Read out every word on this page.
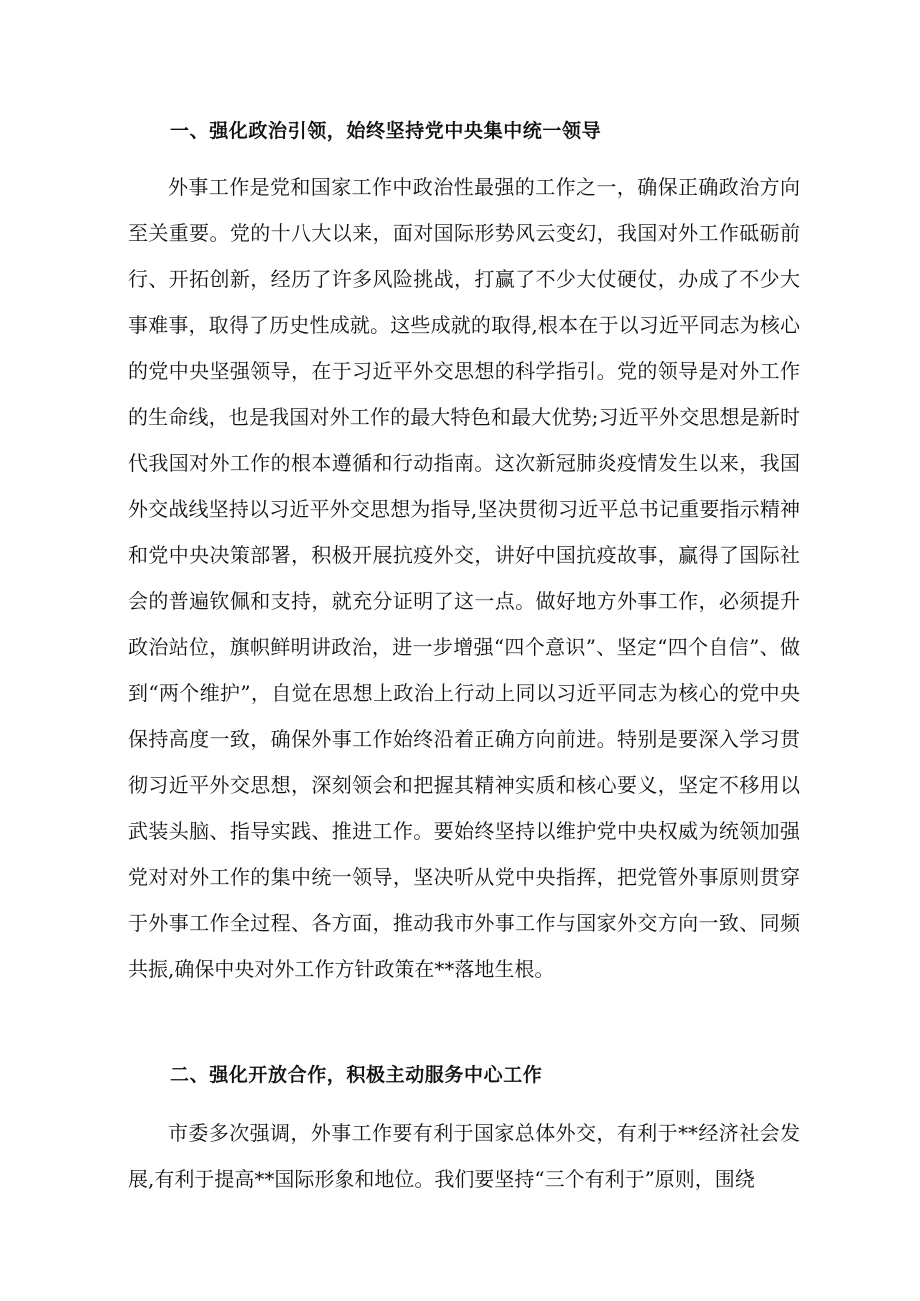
一、强化政治引领，始终坚持党中央集中统一领导

外事工作是党和国家工作中政治性最强的工作之一，确保正确政治方向至关重要。党的十八大以来，面对国际形势风云变幻，我国对外工作砥砺前行、开拓创新，经历了许多风险挑战，打赢了不少大仗硬仗，办成了不少大事难事，取得了历史性成就。这些成就的取得,根本在于以习近平同志为核心的党中央坚强领导，在于习近平外交思想的科学指引。党的领导是对外工作的生命线，也是我国对外工作的最大特色和最大优势;习近平外交思想是新时代我国对外工作的根本遵循和行动指南。这次新冠肺炎疫情发生以来，我国外交战线坚持以习近平外交思想为指导,坚决贯彻习近平总书记重要指示精神和党中央决策部署，积极开展抗疫外交，讲好中国抗疫故事，赢得了国际社会的普遍钦佩和支持，就充分证明了这一点。做好地方外事工作，必须提升政治站位，旗帜鲜明讲政治，进一步增强“四个意识”、坚定“四个自信”、做到“两个维护”，自觉在思想上政治上行动上同以习近平同志为核心的党中央保持高度一致，确保外事工作始终沿着正确方向前进。特别是要深入学习贯彻习近平外交思想，深刻领会和把握其精神实质和核心要义，坚定不移用以武装头脑、指导实践、推进工作。要始终坚持以维护党中央权威为统领加强党对对外工作的集中统一领导，坚决听从党中央指挥，把党管外事原则贯穿于外事工作全过程、各方面，推动我市外事工作与国家外交方向一致、同频共振,确保中央对外工作方针政策在**落地生根。

二、强化开放合作，积极主动服务中心工作

市委多次强调，外事工作要有利于国家总体外交，有利于**经济社会发展,有利于提高**国际形象和地位。我们要坚持“三个有利于”原则，围绕
